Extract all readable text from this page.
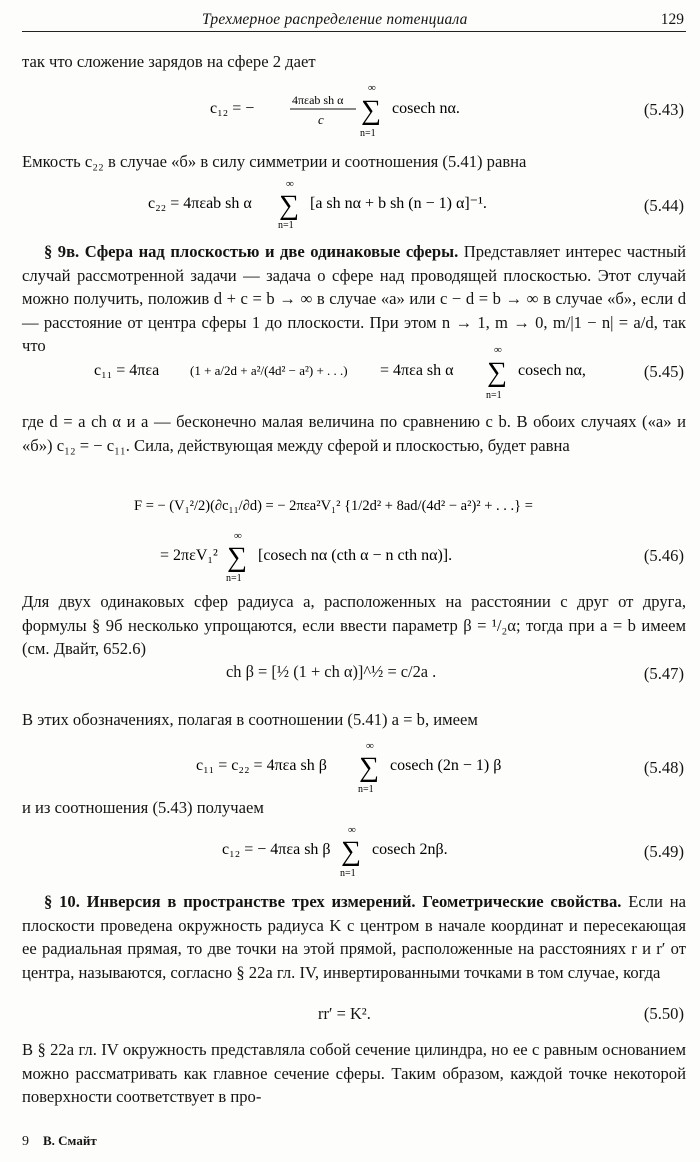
Трехмерное распределение потенциала	129

так что сложение зарядов на сфере 2 дает

c₁₂ = −	4πεab sh α
c
∞
∑
n=1
cosech nα.	(5.43)

Емкость c₂₂ в случае «б» в силу симметрии и соотношения (5.41) равна

c₂₂ = 4πεab sh α
∞
∑
n=1
[a sh nα + b sh (n − 1) α]⁻¹.	(5.44)

§ 9в. Сфера над плоскостью и две одинаковые сферы. Представляет интерес частный случай рассмотренной задачи — задача о сфере над проводящей плоскостью. Этот случай можно получить, положив d + c = b → ∞ в случае «а» или c − d = b → ∞ в случае «б», если d — расстояние от центра сферы 1 до плоскости. При этом n → 1, m → 0, m/|1 − n| = a/d, так что

c₁₁ = 4πεa (1 + a/2d + a²/(4d² − a²) + . . .) = 4πεa sh α
∞
∑
n=1
cosech nα,	(5.45)

где d = a ch α и a — бесконечно малая величина по сравнению с b. В обоих случаях («а» и «б») c₁₂ = − c₁₁. Сила, действующая между сферой и плоскостью, будет равна

F = − (V₁²/2)(∂c₁₁/∂d) = − 2πεa²V₁² {1/2d² + 8ad/(4d² − a²)² + . . .} =
= 2πεV₁²
∞
∑
n=1
[cosech nα (cth α − n cth nα)].	(5.46)

Для двух одинаковых сфер радиуса a, расположенных на расстоянии c друг от друга, формулы § 9б несколько упрощаются, если ввести параметр β = ¹/₂α; тогда при a = b имеем (см. Двайт, 652.6)

ch β = [½ (1 + ch α)]^½ = c/2a .	(5.47)

В этих обозначениях, полагая в соотношении (5.41) a = b, имеем

c₁₁ = c₂₂ = 4πεa sh β
∞
∑
n=1
cosech (2n − 1) β	(5.48)

и из соотношения (5.43) получаем

c₁₂ = − 4πεa sh β
∞
∑
n=1
cosech 2nβ.	(5.49)

§ 10. Инверсия в пространстве трех измерений. Геометрические свойства. Если на плоскости проведена окружность радиуса K с центром в начале координат и пересекающая ее радиальная прямая, то две точки на этой прямой, расположенные на расстояниях r и r′ от центра, называются, согласно § 22а гл. IV, инвертированными точками в том случае, когда

rr′ = K².	(5.50)

В § 22а гл. IV окружность представляла собой сечение цилиндра, но ее с равным основанием можно рассматривать как главное сечение сферы. Таким образом, каждой точке некоторой поверхности соответствует в про-

9 В. Смайт
